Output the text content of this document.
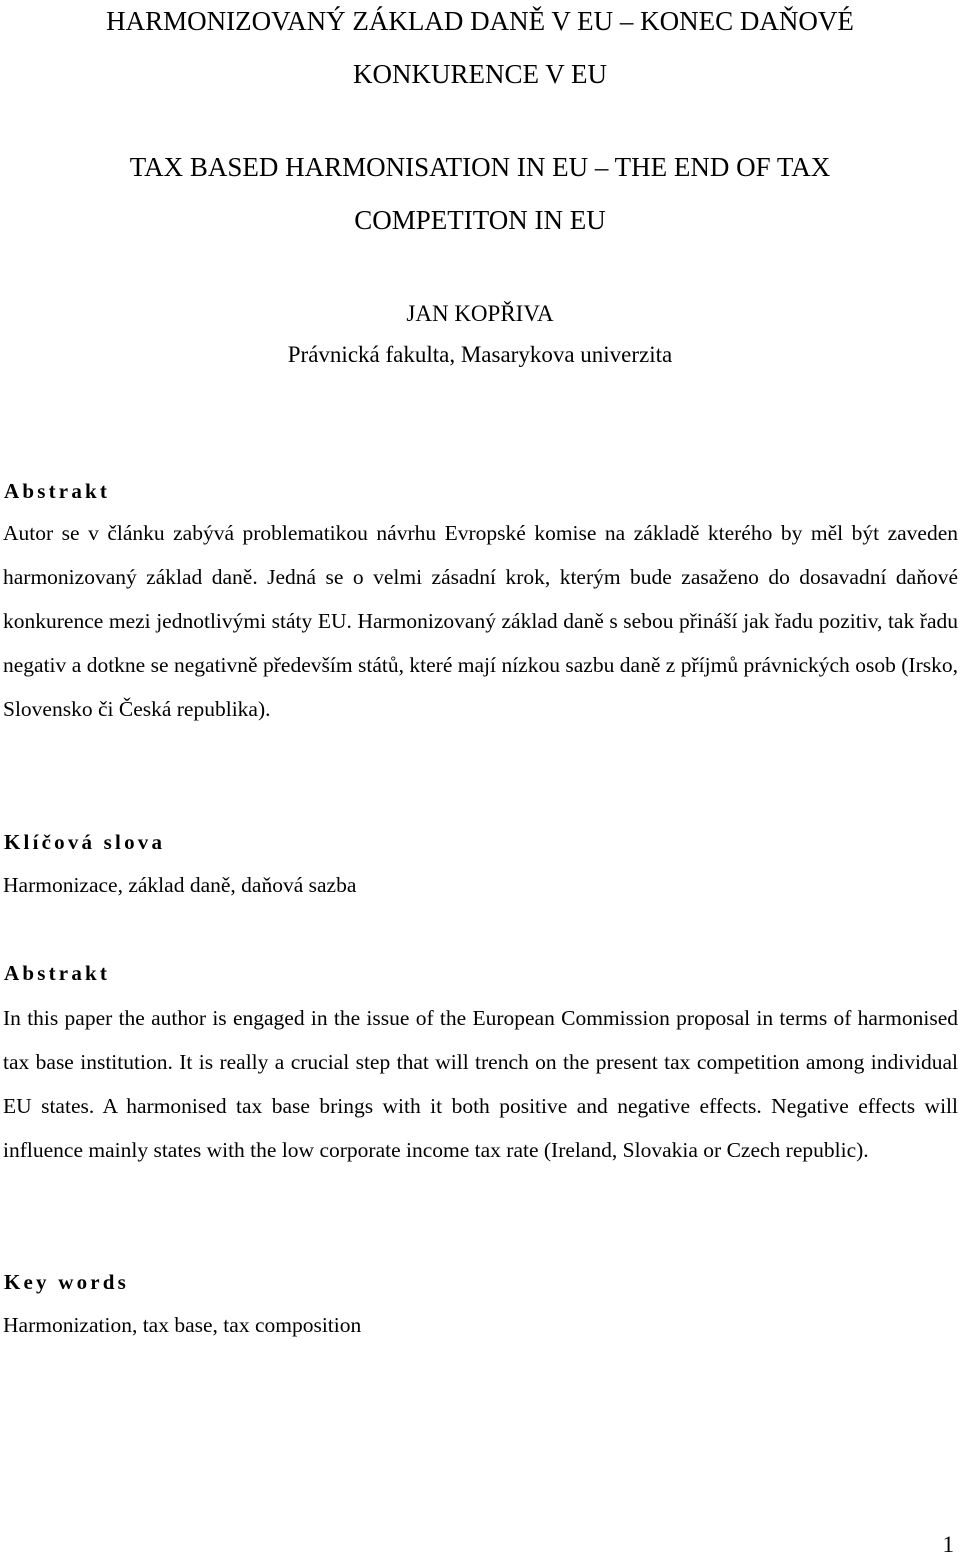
HARMONIZOVANÝ ZÁKLAD DANĚ V EU – KONEC DAŇOVÉ
KONKURENCE V EU
TAX BASED HARMONISATION IN EU – THE END OF TAX
COMPETITON IN EU
JAN KOPŘIVA
Právnická fakulta, Masarykova univerzita
Abstrakt
Autor se v článku zabývá problematikou návrhu Evropské komise na základě kterého by měl být zaveden harmonizovaný základ daně. Jedná se o velmi zásadní krok, kterým bude zasaženo do dosavadní daňové konkurence mezi jednotlivými státy EU. Harmonizovaný základ daně s sebou přináší jak řadu pozitiv, tak řadu negativ a dotkne se negativně především států, které mají nízkou sazbu daně z příjmů právnických osob (Irsko, Slovensko či Česká republika).
Klíčová slova
Harmonizace, základ daně, daňová sazba
Abstrakt
In this paper the author is engaged in the issue of the European Commission proposal in terms of harmonised tax base institution. It is really a crucial step that will trench on the present tax competition among individual EU states. A harmonised tax base brings with it both positive and negative effects. Negative effects will influence mainly states with the low corporate income tax rate (Ireland, Slovakia or Czech republic).
Key words
Harmonization, tax base, tax composition
1
